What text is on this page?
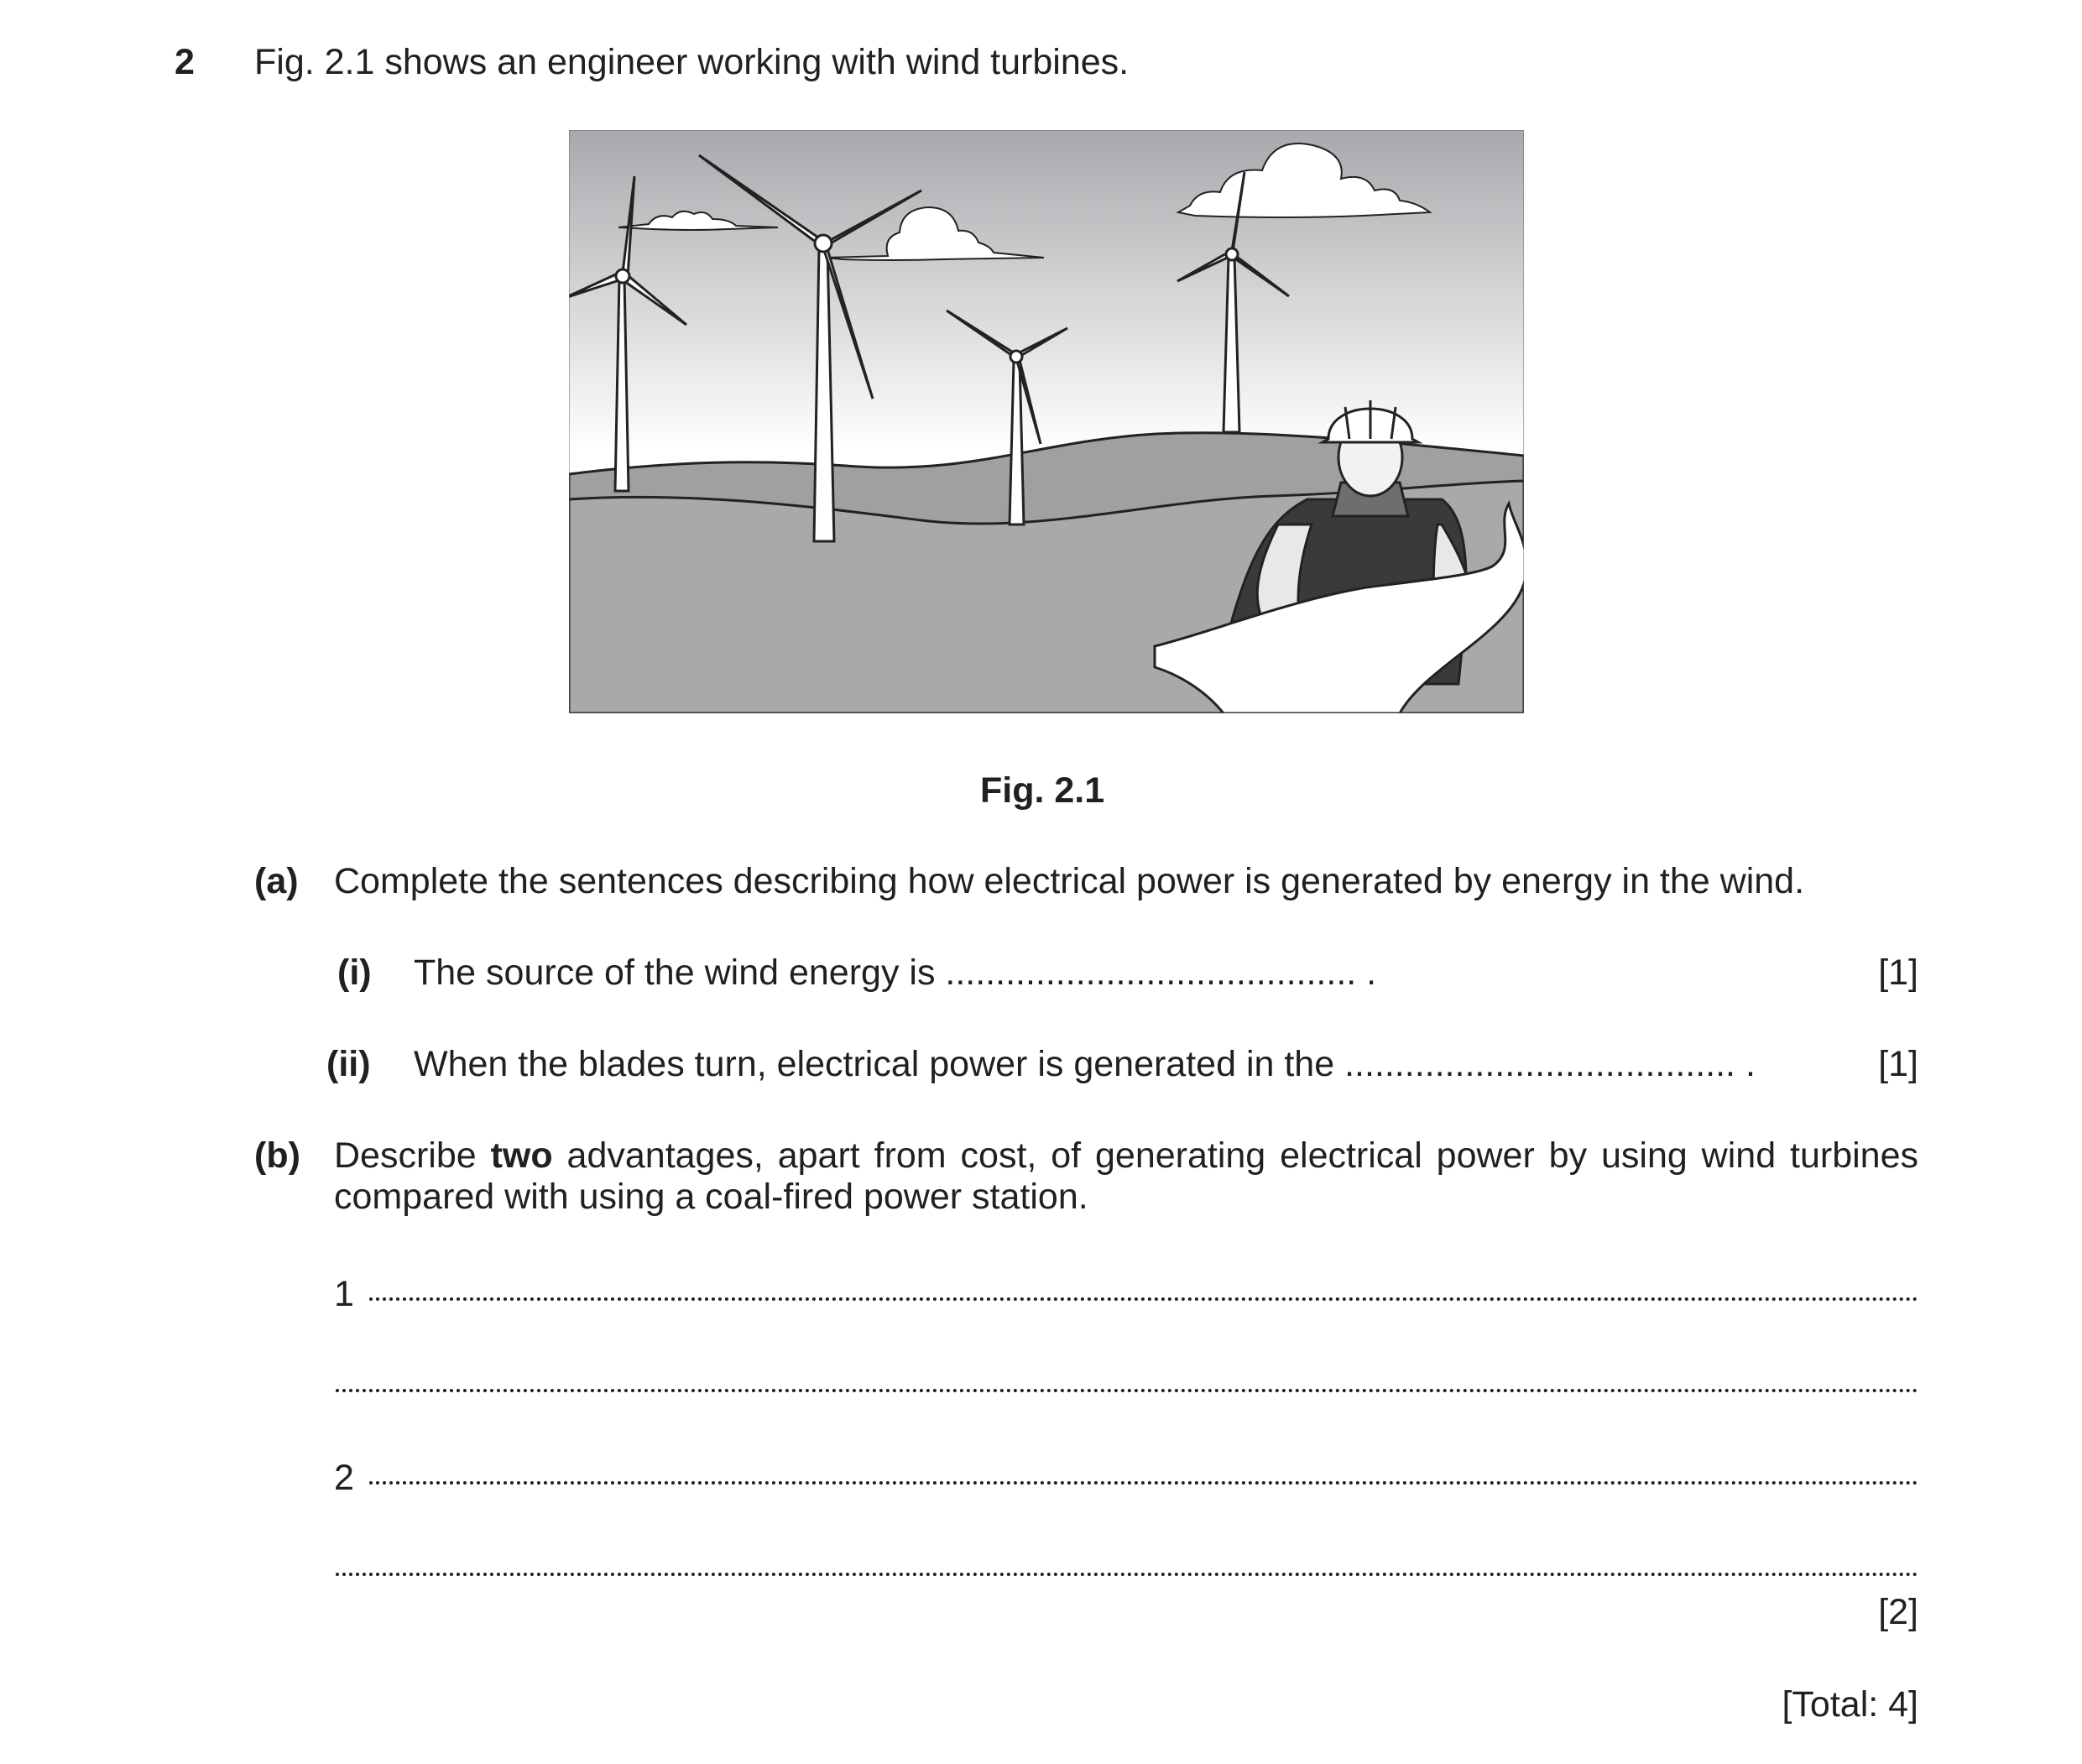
2 Fig. 2.1 shows an engineer working with wind turbines.
Fig. 2.1
(a) Complete the sentences describing how electrical power is generated by energy in the wind.
(i) The source of the wind energy is ......................................... .	[1]
(ii) When the blades turn, electrical power is generated in the ....................................... .	[1]
(b) Describe two advantages, apart from cost, of generating electrical power by using wind turbines compared with using a coal-fired power station.
1
2
[2]
[Total: 4]
